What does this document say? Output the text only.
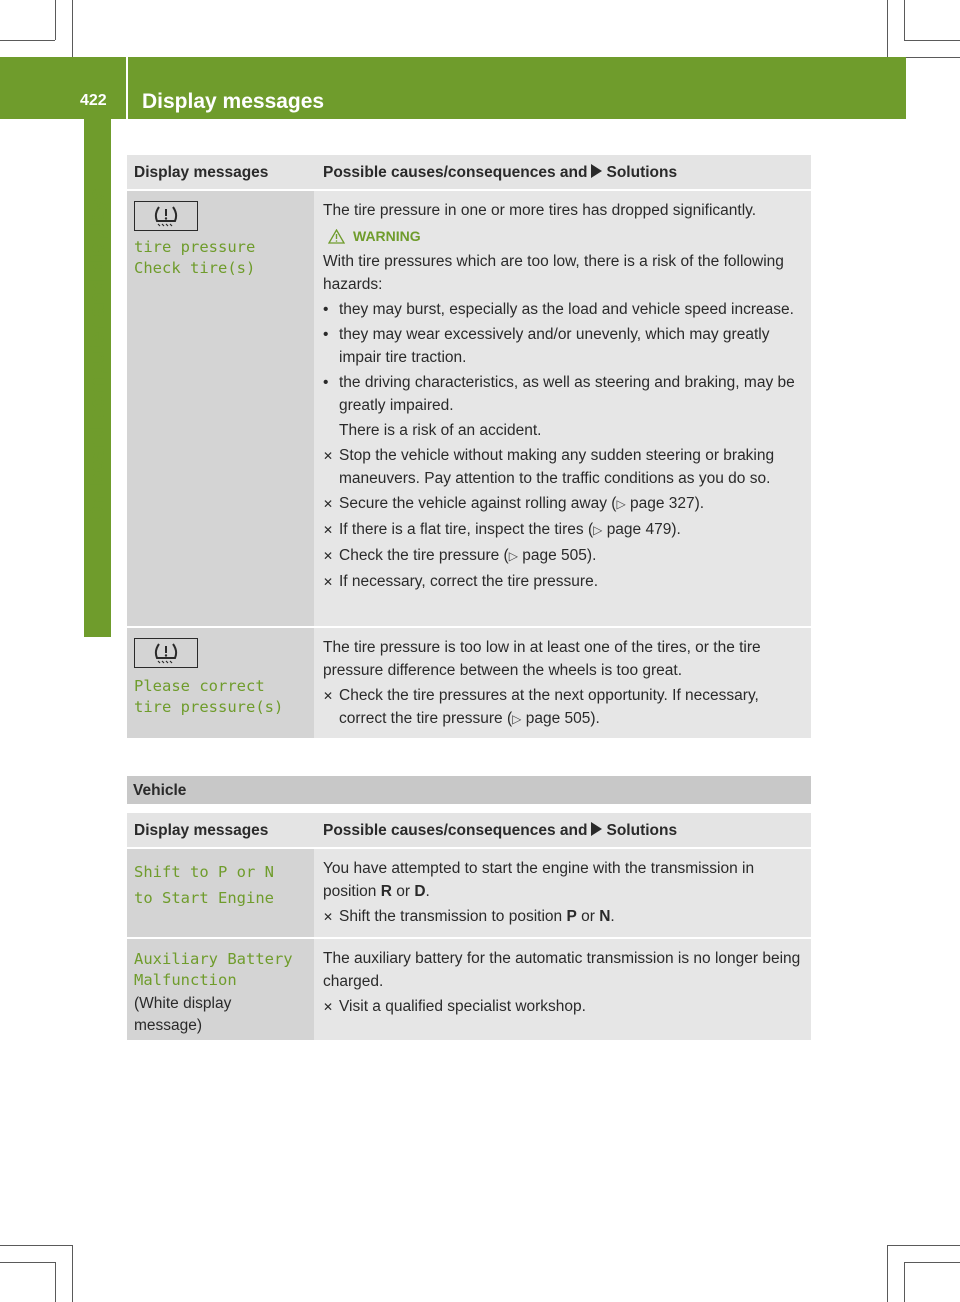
422 Display messages
On-board computer and displays
Display messages	Possible causes/consequences and Solutions
tire pressure
Check tire(s)
The tire pressure in one or more tires has dropped significantly.
WARNING
With tire pressures which are too low, there is a risk of the following hazards:
• they may burst, especially as the load and vehicle speed increase.
• they may wear excessively and/or unevenly, which may greatly impair tire traction.
• the driving characteristics, as well as steering and braking, may be greatly impaired.
There is a risk of an accident.
✕ Stop the vehicle without making any sudden steering or braking maneuvers. Pay attention to the traffic conditions as you do so.
✕ Secure the vehicle against rolling away (▷ page 327).
✕ If there is a flat tire, inspect the tires (▷ page 479).
✕ Check the tire pressure (▷ page 505).
✕ If necessary, correct the tire pressure.
Please correct
tire pressure(s)
The tire pressure is too low in at least one of the tires, or the tire pressure difference between the wheels is too great.
✕ Check the tire pressures at the next opportunity. If necessary, correct the tire pressure (▷ page 505).
Vehicle
Display messages	Possible causes/consequences and Solutions
Shift to P or N
to Start Engine
You have attempted to start the engine with the transmission in position R or D.
✕ Shift the transmission to position P or N.
Auxiliary Battery
Malfunction
(White display message)
The auxiliary battery for the automatic transmission is no longer being charged.
✕ Visit a qualified specialist workshop.
